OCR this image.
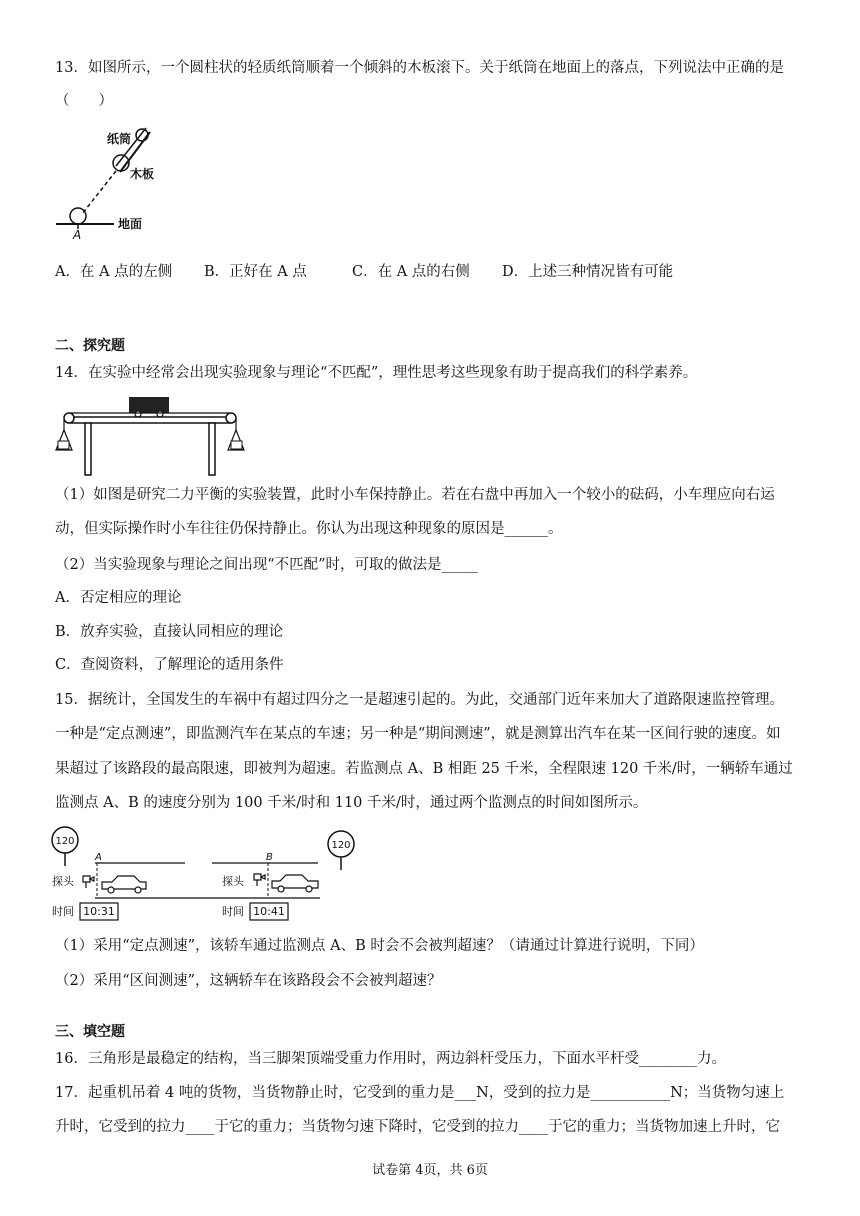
13．如图所示，一个圆柱状的轻质纸筒顺着一个倾斜的木板滚下。关于纸筒在地面上的落点，下列说法中正确的是
（　　）
纸筒
木板
地面
A
A．在 A 点的左侧 B．正好在 A 点	C．在 A 点的右侧 D．上述三种情况皆有可能
二、探究题
14．在实验中经常会出现实验现象与理论“不匹配”，理性思考这些现象有助于提高我们的科学素养。
（1）如图是研究二力平衡的实验装置，此时小车保持静止。若在右盘中再加入一个较小的砝码，小车理应向右运
动，但实际操作时小车往往仍保持静止。你认为出现这种现象的原因是______。
（2）当实验现象与理论之间出现“不匹配”时，可取的做法是_____
A．否定相应的理论
B．放弃实验，直接认同相应的理论
C．查阅资料，了解理论的适用条件
15．据统计，全国发生的车祸中有超过四分之一是超速引起的。为此，交通部门近年来加大了道路限速监控管理。
一种是“定点测速”，即监测汽车在某点的车速；另一种是“期间测速”，就是测算出汽车在某一区间行驶的速度。如
果超过了该路段的最高限速，即被判为超速。若监测点 A、B 相距 25 千米，全程限速 120 千米/时，一辆轿车通过
监测点 A、B 的速度分别为 100 千米/时和 110 千米/时，通过两个监测点的时间如图所示。
120	120
A	B
探头	探头
时间 10:31	时间 10:41
（1）采用“定点测速”，该轿车通过监测点 A、B 时会不会被判超速？（请通过计算进行说明，下同）
（2）采用“区间测速”，这辆轿车在该路段会不会被判超速？
三、填空题
16．三角形是最稳定的结构，当三脚架顶端受重力作用时，两边斜杆受压力，下面水平杆受________力。
17．起重机吊着 4 吨的货物，当货物静止时，它受到的重力是___N，受到的拉力是___________N；当货物匀速上
升时，它受到的拉力____于它的重力；当货物匀速下降时，它受到的拉力____于它的重力；当货物加速上升时，它
试卷第 4页，共 6页
